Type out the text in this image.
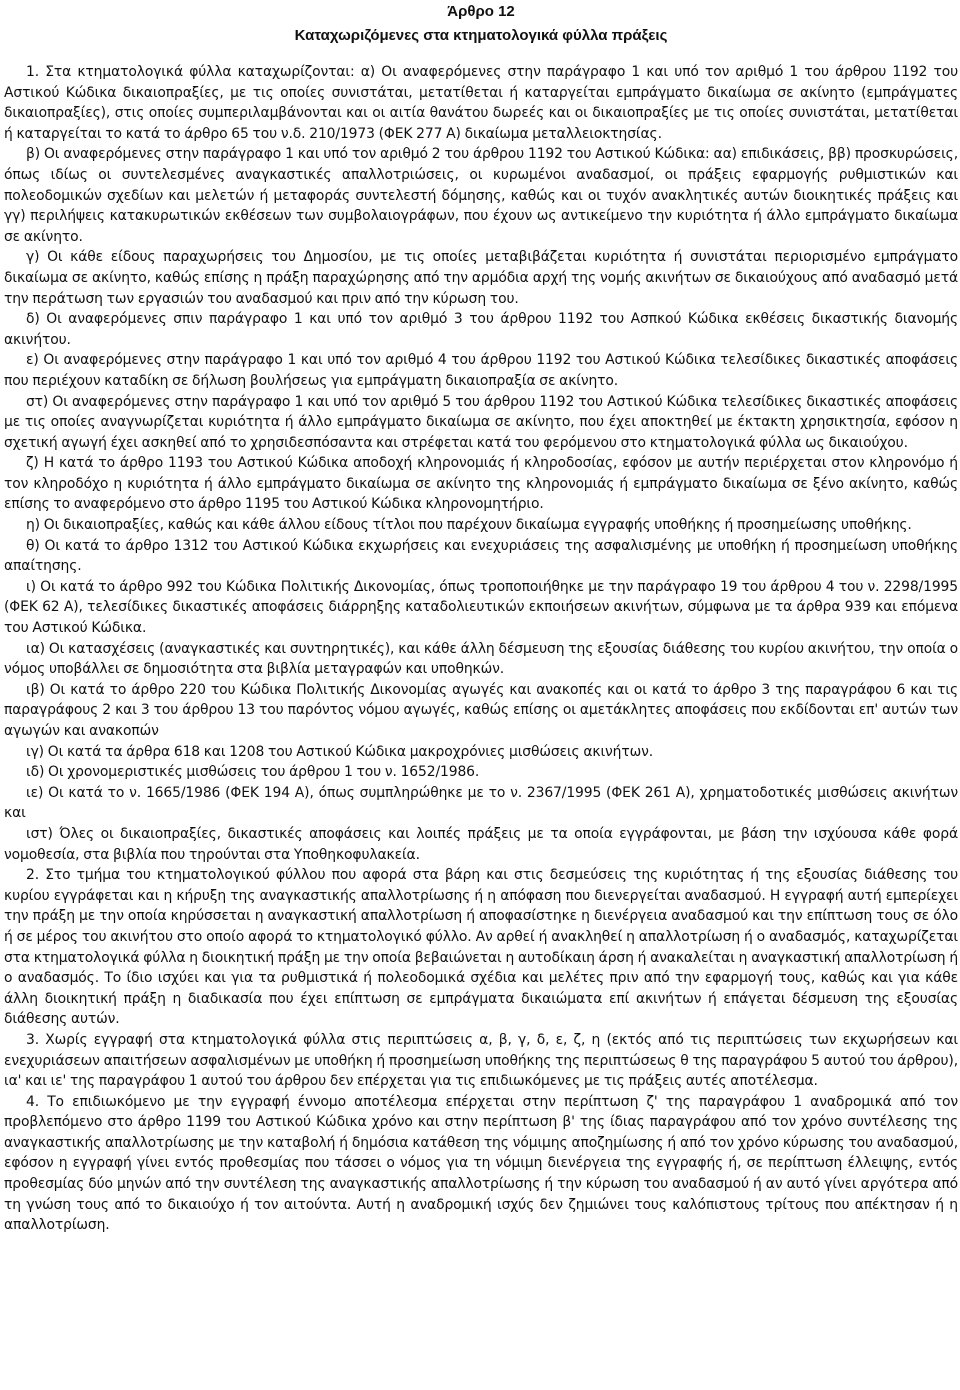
Άρθρο 12
Καταχωριζόμενες στα κτηματολογικά φύλλα πράξεις

1. Στα κτηματολογικά φύλλα καταχωρίζονται: α) Οι αναφερόμενες στην παράγραφο 1 και υπό τον αριθμό 1 του άρθρου 1192 του Αστικού Κώδικα δικαιοπραξίες, με τις οποίες συνιστάται, μετατίθεται ή καταργείται εμπράγματο δικαίωμα σε ακίνητο (εμπράγματες δικαιοπραξίες), στις οποίες συμπεριλαμβάνονται και οι αιτία θανάτου δωρεές και οι δικαιοπραξίες με τις οποίες συνιστάται, μετατίθεται ή καταργείται το κατά το άρθρο 65 του ν.δ. 210/1973 (ΦΕΚ 277 Α) δικαίωμα μεταλλειοκτησίας.

β) Οι αναφερόμενες στην παράγραφο 1 και υπό τον αριθμό 2 του άρθρου 1192 του Αστικού Κώδικα: αα) επιδικάσεις, ββ) προσκυρώσεις, όπως ιδίως οι συντελεσμένες αναγκαστικές απαλλοτριώσεις, οι κυρωμένοι αναδασμοί, οι πράξεις εφαρμογής ρυθμιστικών και πολεοδομικών σχεδίων και μελετών ή μεταφοράς συντελεστή δόμησης, καθώς και οι τυχόν ανακλητικές αυτών διοικητικές πράξεις και γγ) περιλήψεις κατακυρωτικών εκθέσεων των συμβολαιογράφων, που έχουν ως αντικείμενο την κυριότητα ή άλλο εμπράγματο δικαίωμα σε ακίνητο.

γ) Οι κάθε είδους παραχωρήσεις του Δημοσίου, με τις οποίες μεταβιβάζεται κυριότητα ή συνιστάται περιορισμένο εμπράγματο δικαίωμα σε ακίνητο, καθώς επίσης η πράξη παραχώρησης από την αρμόδια αρχή της νομής ακινήτων σε δικαιούχους από αναδασμό μετά την περάτωση των εργασιών του αναδασμού και πριν από την κύρωση του.

δ) Οι αναφερόμενες σπιν παράγραφο 1 και υπό τον αριθμό 3 του άρθρου 1192 του Ασπκού Κώδικα εκθέσεις δικαστικής διανομής ακινήτου.

ε) Οι αναφερόμενες στην παράγραφο 1 και υπό τον αριθμό 4 του άρθρου 1192 του Αστικού Κώδικα τελεσίδικες δικαστικές αποφάσεις που περιέχουν καταδίκη σε δήλωση βουλήσεως για εμπράγματη δικαιοπραξία σε ακίνητο.

στ) Οι αναφερόμενες στην παράγραφο 1 και υπό τον αριθμό 5 του άρθρου 1192 του Αστικού Κώδικα τελεσίδικες δικαστικές αποφάσεις με τις οποίες αναγνωρίζεται κυριότητα ή άλλο εμπράγματο δικαίωμα σε ακίνητο, που έχει αποκτηθεί με έκτακτη χρησικτησία, εφόσον η σχετική αγωγή έχει ασκηθεί από το χρησιδεσπόσαντα και στρέφεται κατά του φερόμενου στο κτηματολογικά φύλλα ως δικαιούχου.

ζ) Η κατά το άρθρο 1193 του Αστικού Κώδικα αποδοχή κληρονομιάς ή κληροδοσίας, εφόσον με αυτήν περιέρχεται στον κληρονόμο ή τον κληροδόχο η κυριότητα ή άλλο εμπράγματο δικαίωμα σε ακίνητο της κληρονομιάς ή εμπράγματο δικαίωμα σε ξένο ακίνητο, καθώς επίσης το αναφερόμενο στο άρθρο 1195 του Αστικού Κώδικα κληρονομητήριο.

η) Οι δικαιοπραξίες, καθώς και κάθε άλλου είδους τίτλοι που παρέχουν δικαίωμα εγγραφής υποθήκης ή προσημείωσης υποθήκης.

θ) Οι κατά το άρθρο 1312 του Αστικού Κώδικα εκχωρήσεις και ενεχυριάσεις της ασφαλισμένης με υποθήκη ή προσημείωση υποθήκης απαίτησης.

ι) Οι κατά το άρθρο 992 του Κώδικα Πολιτικής Δικονομίας, όπως τροποποιήθηκε με την παράγραφο 19 του άρθρου 4 του ν. 2298/1995 (ΦΕΚ 62 Α), τελεσίδικες δικαστικές αποφάσεις διάρρηξης καταδολιευτικών εκποιήσεων ακινήτων, σύμφωνα με τα άρθρα 939 και επόμενα του Αστικού Κώδικα.

ια) Οι κατασχέσεις (αναγκαστικές και συντηρητικές), και κάθε άλλη δέσμευση της εξουσίας διάθεσης του κυρίου ακινήτου, την οποία ο νόμος υποβάλλει σε δημοσιότητα στα βιβλία μεταγραφών και υποθηκών.

ιβ) Οι κατά το άρθρο 220 του Κώδικα Πολιτικής Δικονομίας αγωγές και ανακοπές και οι κατά το άρθρο 3 της παραγράφου 6 και τις παραγράφους 2 και 3 του άρθρου 13 του παρόντος νόμου αγωγές, καθώς επίσης οι αμετάκλητες αποφάσεις που εκδίδονται επ' αυτών των αγωγών και ανακοπών

ιγ) Οι κατά τα άρθρα 618 και 1208 του Αστικού Κώδικα μακροχρόνιες μισθώσεις ακινήτων.

ιδ) Οι χρονομεριστικές μισθώσεις του άρθρου 1 του ν. 1652/1986.

ιε) Οι κατά το ν. 1665/1986 (ΦΕΚ 194 Α), όπως συμπληρώθηκε με το ν. 2367/1995 (ΦΕΚ 261 Α), χρηματοδοτικές μισθώσεις ακινήτων και

ιστ) Όλες οι δικαιοπραξίες, δικαστικές αποφάσεις και λοιπές πράξεις με τα οποία εγγράφονται, με βάση την ισχύουσα κάθε φορά νομοθεσία, στα βιβλία που τηρούνται στα Υποθηκοφυλακεία.

2. Στο τμήμα του κτηματολογικού φύλλου που αφορά στα βάρη και στις δεσμεύσεις της κυριότητας ή της εξουσίας διάθεσης του κυρίου εγγράφεται και η κήρυξη της αναγκαστικής απαλλοτρίωσης ή η απόφαση που διενεργείται αναδασμού. Η εγγραφή αυτή εμπερίεχει την πράξη με την οποία κηρύσσεται η αναγκαστική απαλλοτρίωση ή αποφασίστηκε η διενέργεια αναδασμού και την επίπτωση τους σε όλο ή σε μέρος του ακινήτου στο οποίο αφορά το κτηματολογικό φύλλο. Αν αρθεί ή ανακληθεί η απαλλοτρίωση ή ο αναδασμός, καταχωρίζεται στα κτηματολογικά φύλλα η διοικητική πράξη με την οποία βεβαιώνεται η αυτοδίκαιη άρση ή ανακαλείται η αναγκαστική απαλλοτρίωση ή ο αναδασμός. Το ίδιο ισχύει και για τα ρυθμιστικά ή πολεοδομικά σχέδια και μελέτες πριν από την εφαρμογή τους, καθώς και για κάθε άλλη διοικητική πράξη η διαδικασία που έχει επίπτωση σε εμπράγματα δικαιώματα επί ακινήτων ή επάγεται δέσμευση της εξουσίας διάθεσης αυτών.

3. Χωρίς εγγραφή στα κτηματολογικά φύλλα στις περιπτώσεις α, β, γ, δ, ε, ζ, η (εκτός από τις περιπτώσεις των εκχωρήσεων και ενεχυριάσεων απαιτήσεων ασφαλισμένων με υποθήκη ή προσημείωση υποθήκης της περιπτώσεως θ της παραγράφου 5 αυτού του άρθρου), ια' και ιε' της παραγράφου 1 αυτού του άρθρου δεν επέρχεται για τις επιδιωκόμενες με τις πράξεις αυτές αποτέλεσμα.

4. Το επιδιωκόμενο με την εγγραφή έννομο αποτέλεσμα επέρχεται στην περίπτωση ζ' της παραγράφου 1 αναδρομικά από τον προβλεπόμενο στο άρθρο 1199 του Αστικού Κώδικα χρόνο και στην περίπτωση β' της ίδιας παραγράφου από τον χρόνο συντέλεσης της αναγκαστικής απαλλοτρίωσης με την καταβολή ή δημόσια κατάθεση της νόμιμης αποζημίωσης ή από τον χρόνο κύρωσης του αναδασμού, εφόσον η εγγραφή γίνει εντός προθεσμίας που τάσσει ο νόμος για τη νόμιμη διενέργεια της εγγραφής ή, σε περίπτωση έλλειψης, εντός προθεσμίας δύο μηνών από την συντέλεση της αναγκαστικής απαλλοτρίωσης ή την κύρωση του αναδασμού ή αν αυτό γίνει αργότερα από τη γνώση τους από το δικαιούχο ή τον αιτούντα. Αυτή η αναδρομική ισχύς δεν ζημιώνει τους καλόπιστους τρίτους που απέκτησαν ή η απαλλοτρίωση.
